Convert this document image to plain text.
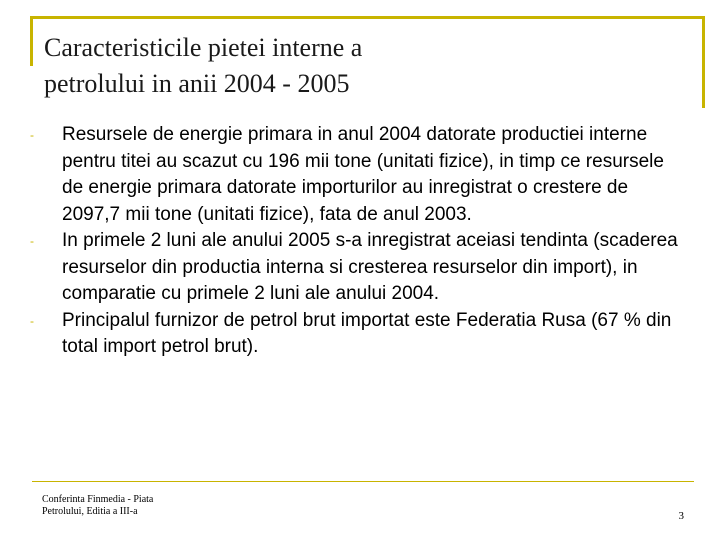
Caracteristicile pietei interne a
petrolului in anii 2004 - 2005
- Resursele de energie primara in anul 2004 datorate productiei interne pentru titei au scazut cu 196 mii tone (unitati fizice), in timp ce resursele de energie primara datorate importurilor au inregistrat o crestere de 2097,7 mii tone (unitati fizice), fata de anul 2003.
- In primele 2 luni ale anului 2005 s-a inregistrat aceiasi tendinta (scaderea resurselor din productia interna si cresterea resurselor din import), in comparatie cu primele 2 luni ale anului 2004.
- Principalul furnizor de petrol brut importat este Federatia Rusa (67 % din total import petrol brut).
Conferinta Finmedia - Piata
Petrolului, Editia a III-a	3
